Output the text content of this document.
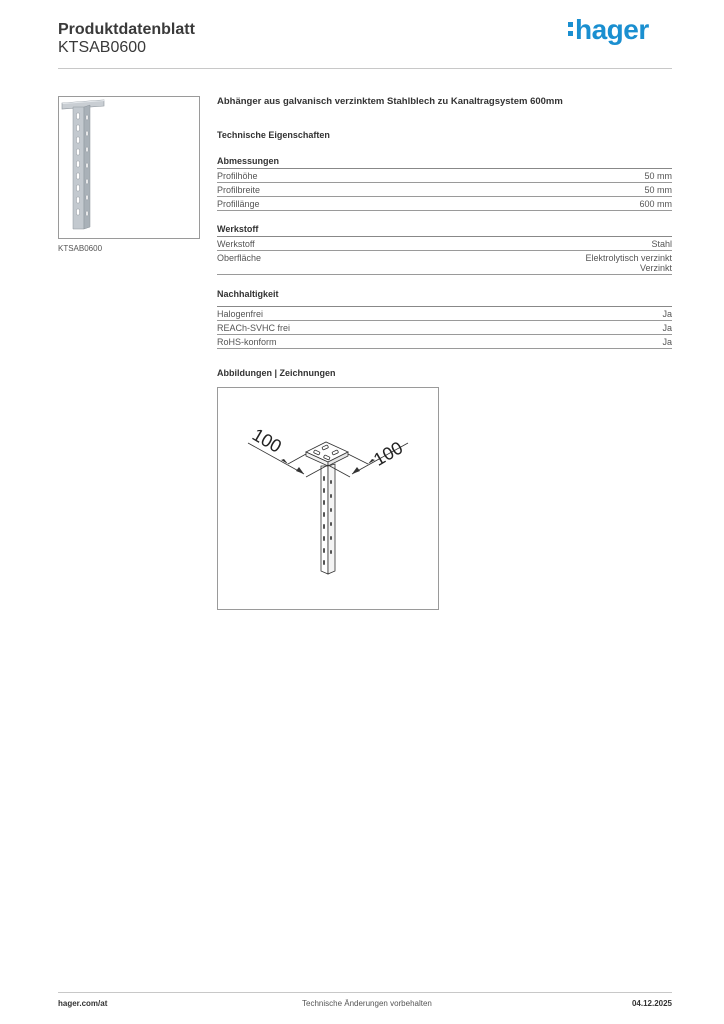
Produktdatenblatt
KTSAB0600
hager
KTSAB0600
Abhänger aus galvanisch verzinktem Stahlblech zu Kanaltragsystem 600mm
Technische Eigenschaften
Abmessungen
Profilhöhe	50 mm
Profilbreite	50 mm
Profillänge	600 mm
Werkstoff
Werkstoff	Stahl
Oberfläche	Elektrolytisch verzinkt
Verzinkt
Nachhaltigkeit
Halogenfrei	Ja
REACh-SVHC frei	Ja
RoHS-konform	Ja
Abbildungen | Zeichnungen
100	100
hager.com/at	Technische Änderungen vorbehalten	04.12.2025
